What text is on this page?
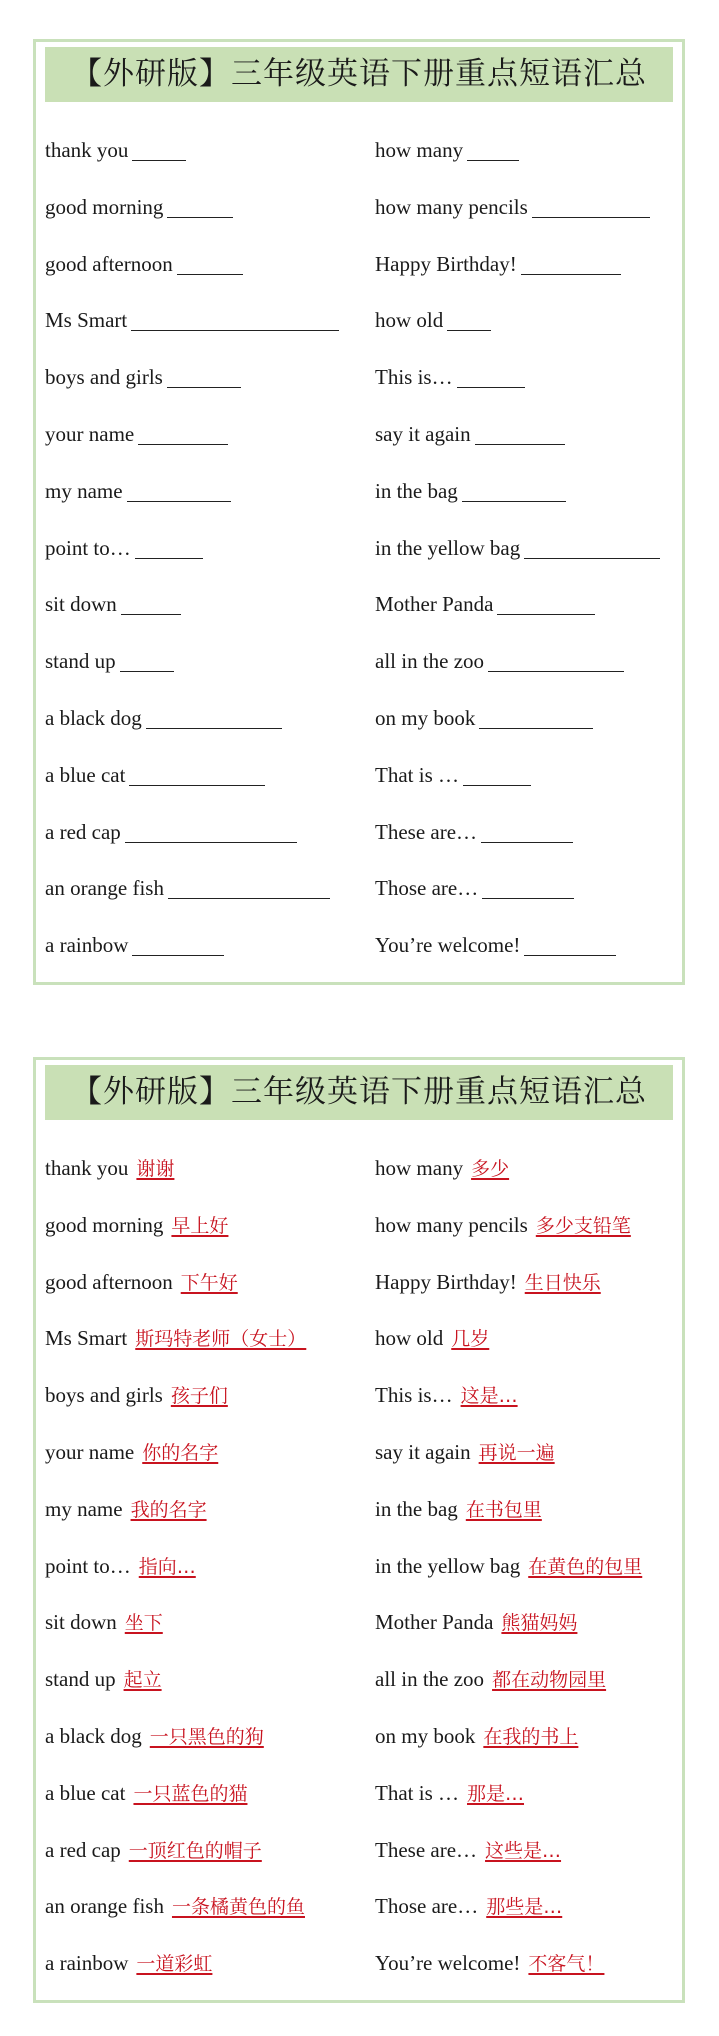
【外研版】三年级英语下册重点短语汇总
thank you	how many
good morning	how many pencils
good afternoon	Happy Birthday!
Ms Smart	how old
boys and girls	This is…
your name	say it again
my name	in the bag
point to…	in the yellow bag
sit down	Mother Panda
stand up	all in the zoo
a black dog	on my book
a blue cat	That is …
a red cap	These are…
an orange fish	Those are…
a rainbow	You’re welcome!
【外研版】三年级英语下册重点短语汇总
thank you 谢谢	how many 多少
good morning 早上好	how many pencils 多少支铅笔
good afternoon 下午好	Happy Birthday! 生日快乐
Ms Smart 斯玛特老师（女士）	how old 几岁
boys and girls 孩子们	This is… 这是…
your name 你的名字	say it again 再说一遍
my name 我的名字	in the bag 在书包里
point to… 指向…	in the yellow bag 在黄色的包里
sit down 坐下	Mother Panda 熊猫妈妈
stand up 起立	all in the zoo 都在动物园里
a black dog 一只黑色的狗	on my book 在我的书上
a blue cat 一只蓝色的猫	That is … 那是…
a red cap 一顶红色的帽子	These are… 这些是…
an orange fish 一条橘黄色的鱼	Those are… 那些是…
a rainbow 一道彩虹	You’re welcome! 不客气！
